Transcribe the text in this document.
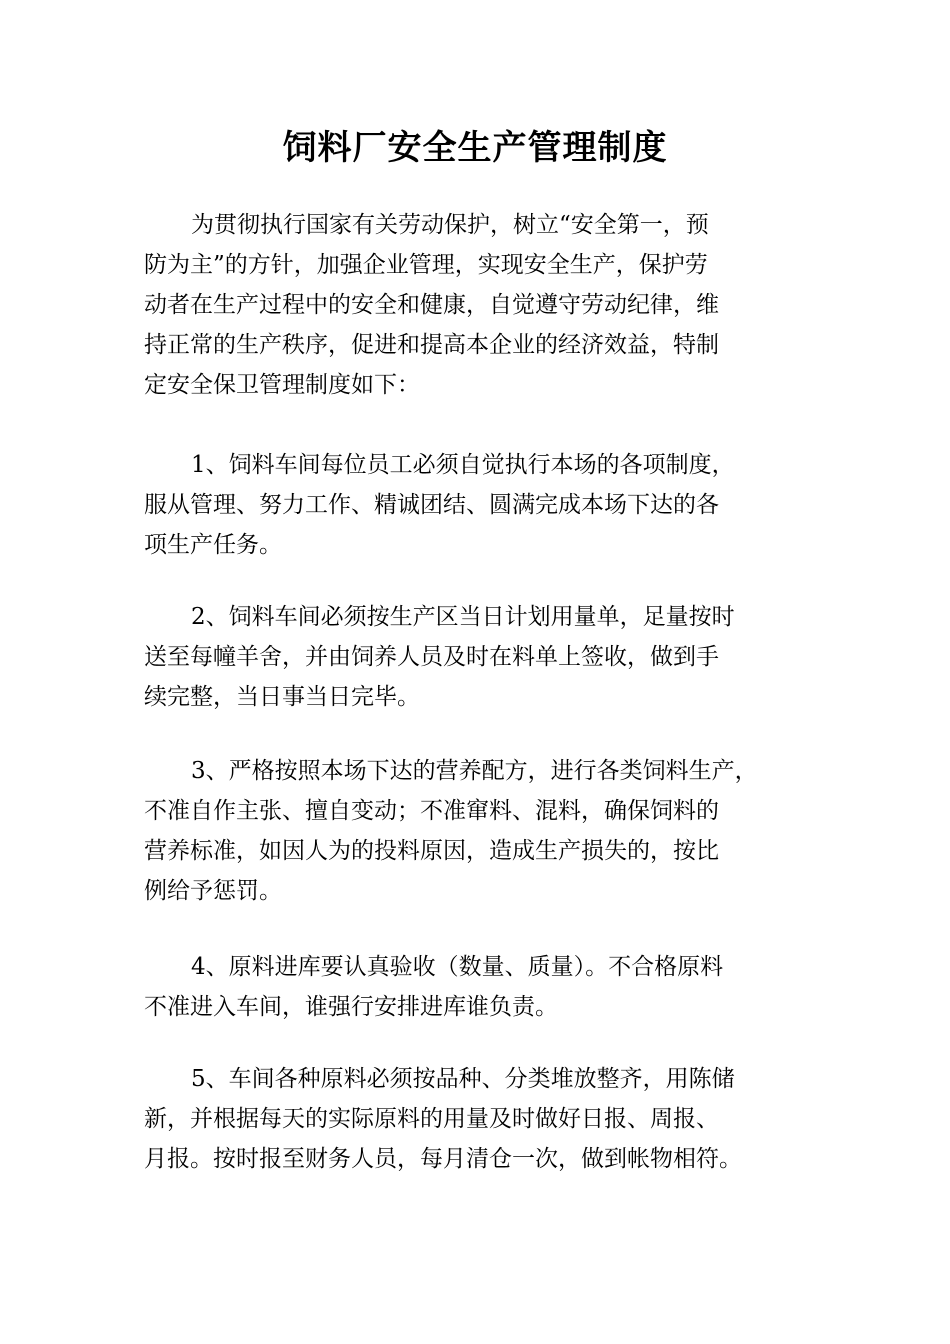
饲料厂安全生产管理制度
为贯彻执行国家有关劳动保护，树立“安全第一，预
防为主”的方针，加强企业管理，实现安全生产，保护劳
动者在生产过程中的安全和健康，自觉遵守劳动纪律，维
持正常的生产秩序，促进和提高本企业的经济效益，特制
定安全保卫管理制度如下：
1、饲料车间每位员工必须自觉执行本场的各项制度，
服从管理、努力工作、精诚团结、圆满完成本场下达的各
项生产任务。
2、饲料车间必须按生产区当日计划用量单，足量按时
送至每幢羊舍，并由饲养人员及时在料单上签收，做到手
续完整，当日事当日完毕。
3、严格按照本场下达的营养配方，进行各类饲料生产，
不准自作主张、擅自变动；不准窜料、混料，确保饲料的
营养标准，如因人为的投料原因，造成生产损失的，按比
例给予惩罚。
4、原料进库要认真验收（数量、质量）。不合格原料
不准进入车间，谁强行安排进库谁负责。
5、车间各种原料必须按品种、分类堆放整齐，用陈储
新，并根据每天的实际原料的用量及时做好日报、周报、
月报。按时报至财务人员，每月清仓一次，做到帐物相符。
